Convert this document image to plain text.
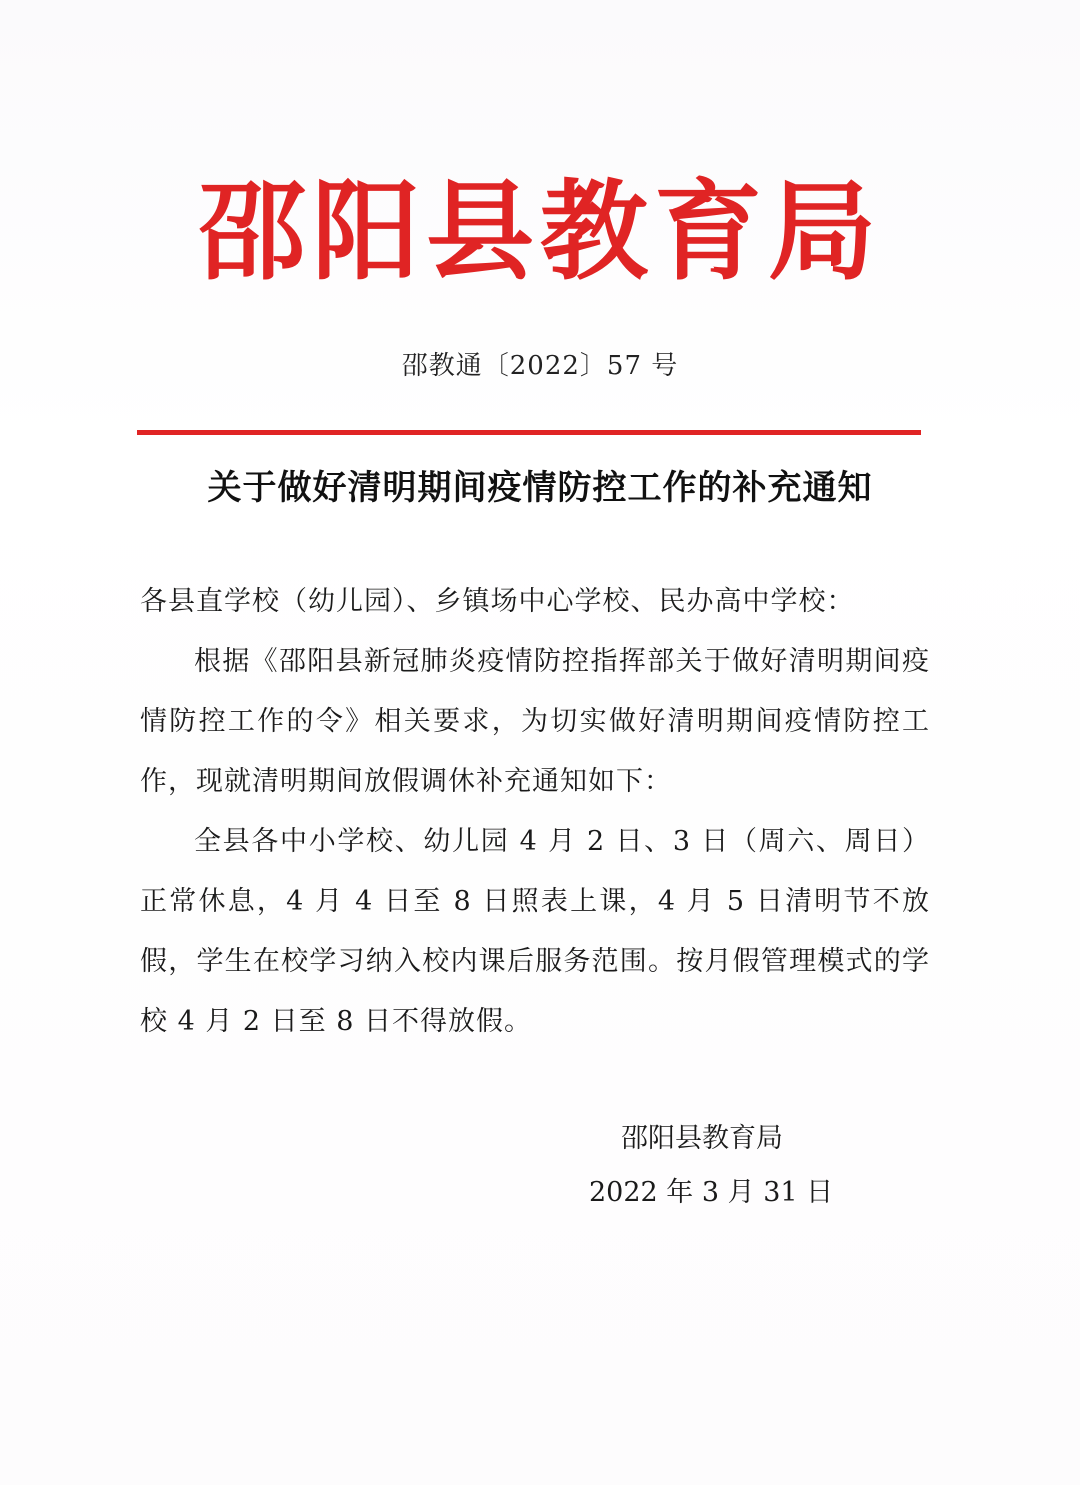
邵阳县教育局
邵教通〔2022〕57 号
关于做好清明期间疫情防控工作的补充通知

各县直学校（幼儿园）、乡镇场中心学校、民办高中学校：

根据《邵阳县新冠肺炎疫情防控指挥部关于做好清明期间疫情防控工作的令》相关要求，为切实做好清明期间疫情防控工作，现就清明期间放假调休补充通知如下：

全县各中小学校、幼儿园 4 月 2 日、3 日（周六、周日）正常休息，4 月 4 日至 8 日照表上课，4 月 5 日清明节不放假，学生在校学习纳入校内课后服务范围。按月假管理模式的学校 4 月 2 日至 8 日不得放假。

邵阳县教育局
2022 年 3 月 31 日
